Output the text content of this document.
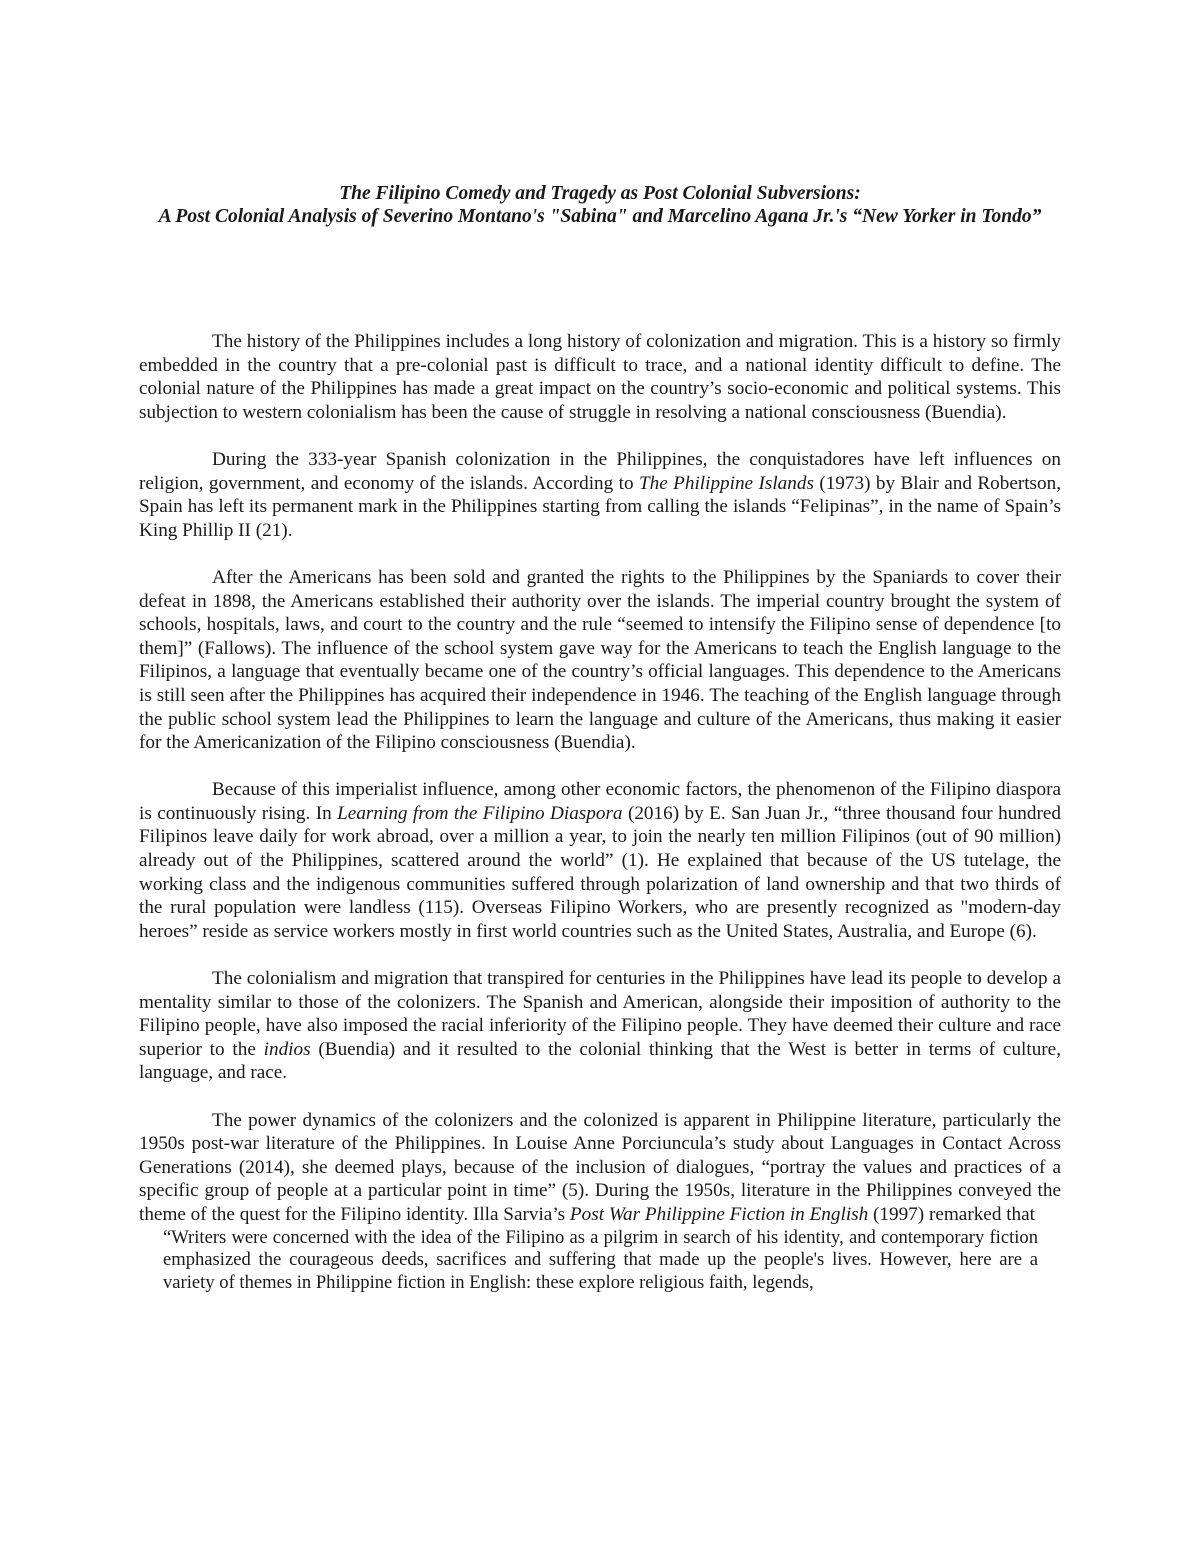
The Filipino Comedy and Tragedy as Post Colonial Subversions:
A Post Colonial Analysis of Severino Montano's "Sabina" and Marcelino Agana Jr.'s “New Yorker in Tondo”

The history of the Philippines includes a long history of colonization and migration. This is a history so firmly embedded in the country that a pre-colonial past is difficult to trace, and a national identity difficult to define. The colonial nature of the Philippines has made a great impact on the country’s socio-economic and political systems. This subjection to western colonialism has been the cause of struggle in resolving a national consciousness (Buendia).

During the 333-year Spanish colonization in the Philippines, the conquistadores have left influences on religion, government, and economy of the islands. According to The Philippine Islands (1973) by Blair and Robertson, Spain has left its permanent mark in the Philippines starting from calling the islands “Felipinas”, in the name of Spain’s King Phillip II (21).

After the Americans has been sold and granted the rights to the Philippines by the Spaniards to cover their defeat in 1898, the Americans established their authority over the islands. The imperial country brought the system of schools, hospitals, laws, and court to the country and the rule “seemed to intensify the Filipino sense of dependence [to them]” (Fallows). The influence of the school system gave way for the Americans to teach the English language to the Filipinos, a language that eventually became one of the country’s official languages. This dependence to the Americans is still seen after the Philippines has acquired their independence in 1946. The teaching of the English language through the public school system lead the Philippines to learn the language and culture of the Americans, thus making it easier for the Americanization of the Filipino consciousness (Buendia).

Because of this imperialist influence, among other economic factors, the phenomenon of the Filipino diaspora is continuously rising. In Learning from the Filipino Diaspora (2016) by E. San Juan Jr., “three thousand four hundred Filipinos leave daily for work abroad, over a million a year, to join the nearly ten million Filipinos (out of 90 million) already out of the Philippines, scattered around the world” (1). He explained that because of the US tutelage, the working class and the indigenous communities suffered through polarization of land ownership and that two thirds of the rural population were landless (115). Overseas Filipino Workers, who are presently recognized as "modern-day heroes” reside as service workers mostly in first world countries such as the United States, Australia, and Europe (6).

The colonialism and migration that transpired for centuries in the Philippines have lead its people to develop a mentality similar to those of the colonizers. The Spanish and American, alongside their imposition of authority to the Filipino people, have also imposed the racial inferiority of the Filipino people. They have deemed their culture and race superior to the indios (Buendia) and it resulted to the colonial thinking that the West is better in terms of culture, language, and race.

The power dynamics of the colonizers and the colonized is apparent in Philippine literature, particularly the 1950s post-war literature of the Philippines. In Louise Anne Porciuncula’s study about Languages in Contact Across Generations (2014), she deemed plays, because of the inclusion of dialogues, “portray the values and practices of a specific group of people at a particular point in time” (5). During the 1950s, literature in the Philippines conveyed the theme of the quest for the Filipino identity. Illa Sarvia’s Post War Philippine Fiction in English (1997) remarked that

“Writers were concerned with the idea of the Filipino as a pilgrim in search of his identity, and contemporary fiction emphasized the courageous deeds, sacrifices and suffering that made up the people's lives. However, here are a variety of themes in Philippine fiction in English: these explore religious faith, legends,
